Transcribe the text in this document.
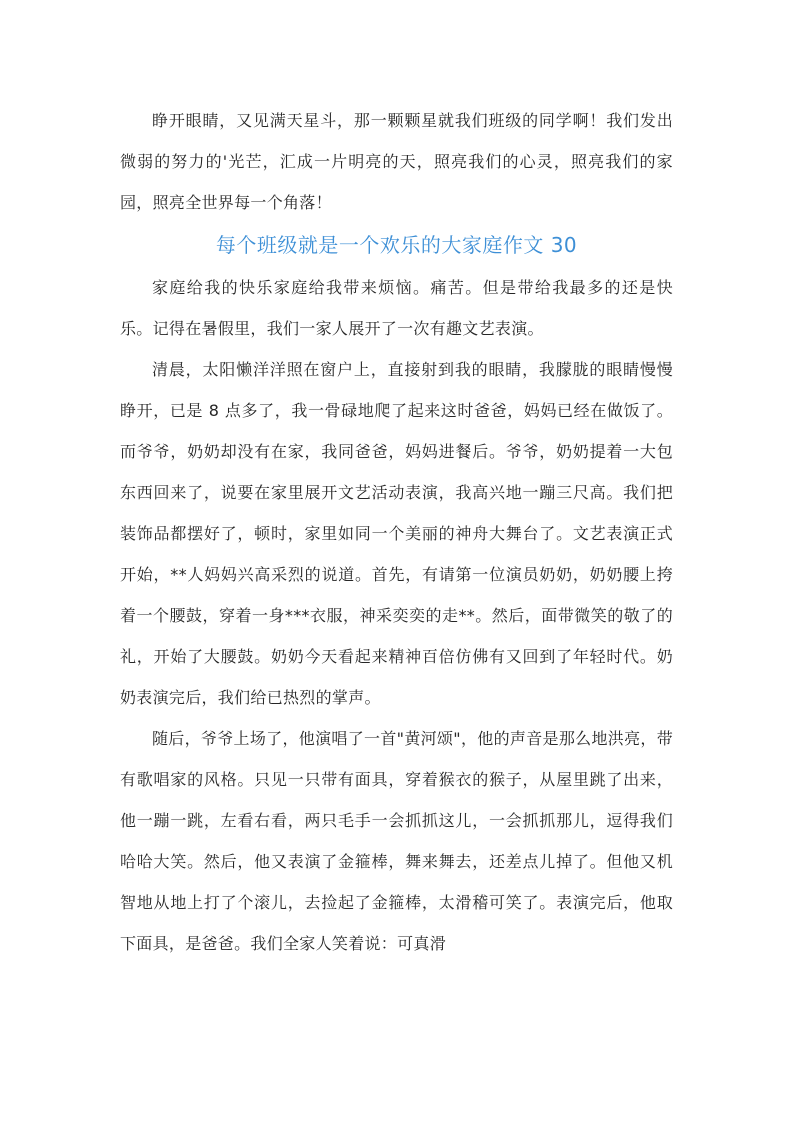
睁开眼睛，又见满天星斗，那一颗颗星就我们班级的同学啊！我们发出微弱的努力的'光芒，汇成一片明亮的天，照亮我们的心灵，照亮我们的家园，照亮全世界每一个角落！

每个班级就是一个欢乐的大家庭作文 30

家庭给我的快乐家庭给我带来烦恼。痛苦。但是带给我最多的还是快乐。记得在暑假里，我们一家人展开了一次有趣文艺表演。

清晨，太阳懒洋洋照在窗户上，直接射到我的眼睛，我朦胧的眼睛慢慢睁开，已是 8 点多了，我一骨碌地爬了起来这时爸爸，妈妈已经在做饭了。而爷爷，奶奶却没有在家，我同爸爸，妈妈进餐后。爷爷，奶奶提着一大包东西回来了，说要在家里展开文艺活动表演，我高兴地一蹦三尺高。我们把装饰品都摆好了，顿时，家里如同一个美丽的神舟大舞台了。文艺表演正式开始，**人妈妈兴高采烈的说道。首先，有请第一位演员奶奶，奶奶腰上挎着一个腰鼓，穿着一身***衣服，神采奕奕的走**。然后，面带微笑的敬了的礼，开始了大腰鼓。奶奶今天看起来精神百倍仿佛有又回到了年轻时代。奶奶表演完后，我们给已热烈的掌声。

随后，爷爷上场了，他演唱了一首"黄河颂"，他的声音是那么地洪亮，带有歌唱家的风格。只见一只带有面具，穿着猴衣的猴子，从屋里跳了出来，他一蹦一跳，左看右看，两只毛手一会抓抓这儿，一会抓抓那儿，逗得我们哈哈大笑。然后，他又表演了金箍棒，舞来舞去，还差点儿掉了。但他又机智地从地上打了个滚儿，去捡起了金箍棒，太滑稽可笑了。表演完后，他取下面具，是爸爸。我们全家人笑着说：可真滑
